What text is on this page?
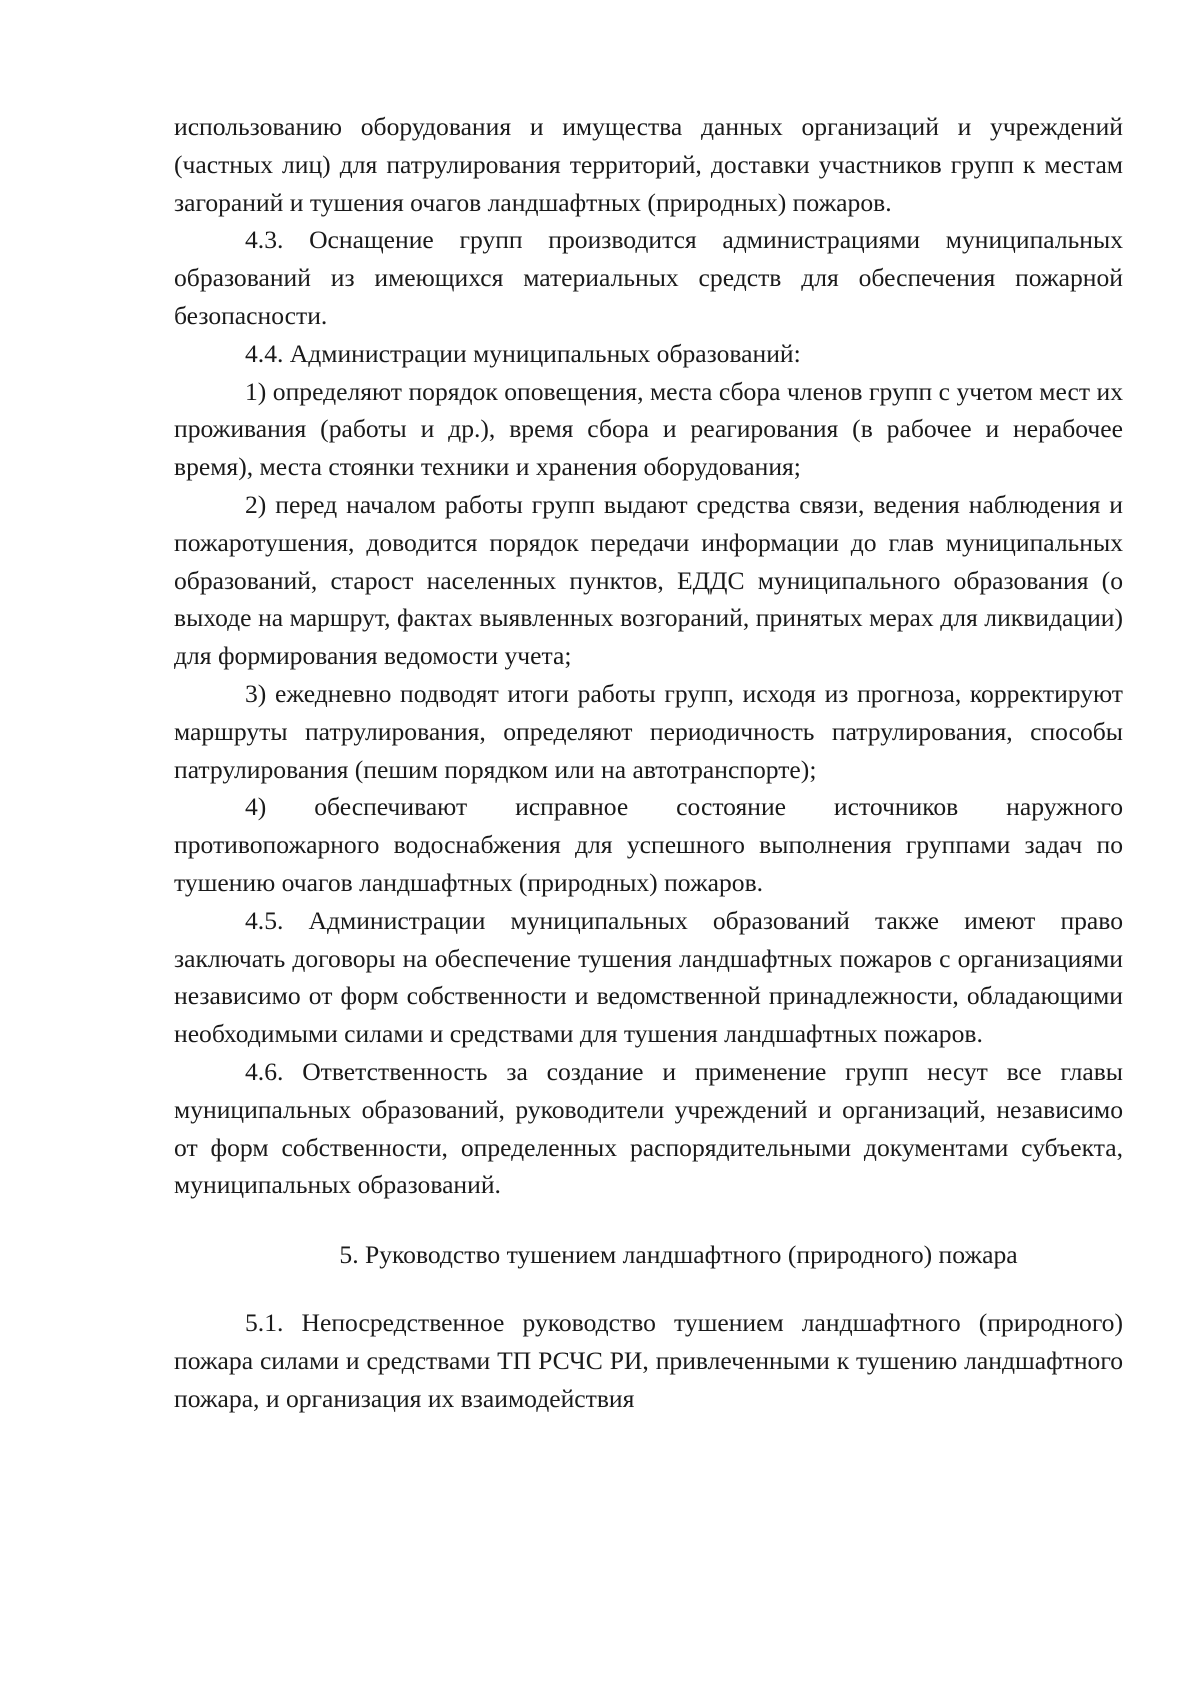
использованию оборудования и имущества данных организаций и учреждений (частных лиц) для патрулирования территорий, доставки участников групп к местам загораний и тушения очагов ландшафтных (природных) пожаров.

4.3. Оснащение групп производится администрациями муниципальных образований из имеющихся материальных средств для обеспечения пожарной безопасности.

4.4. Администрации муниципальных образований:

1) определяют порядок оповещения, места сбора членов групп с учетом мест их проживания (работы и др.), время сбора и реагирования (в рабочее и нерабочее время), места стоянки техники и хранения оборудования;

2) перед началом работы групп выдают средства связи, ведения наблюдения и пожаротушения, доводится порядок передачи информации до глав муниципальных образований, старост населенных пунктов, ЕДДС муниципального образования (о выходе на маршрут, фактах выявленных возгораний, принятых мерах для ликвидации) для формирования ведомости учета;

3) ежедневно подводят итоги работы групп, исходя из прогноза, корректируют маршруты патрулирования, определяют периодичность патрулирования, способы патрулирования (пешим порядком или на автотранспорте);

4) обеспечивают исправное состояние источников наружного противопожарного водоснабжения для успешного выполнения группами задач по тушению очагов ландшафтных (природных) пожаров.

4.5. Администрации муниципальных образований также имеют право заключать договоры на обеспечение тушения ландшафтных пожаров с организациями независимо от форм собственности и ведомственной принадлежности, обладающими необходимыми силами и средствами для тушения ландшафтных пожаров.

4.6. Ответственность за создание и применение групп несут все главы муниципальных образований, руководители учреждений и организаций, независимо от форм собственности, определенных распорядительными документами субъекта, муниципальных образований.

5. Руководство тушением ландшафтного (природного) пожара

5.1. Непосредственное руководство тушением ландшафтного (природного) пожара силами и средствами ТП РСЧС РИ, привлеченными к тушению ландшафтного пожара, и организация их взаимодействия
